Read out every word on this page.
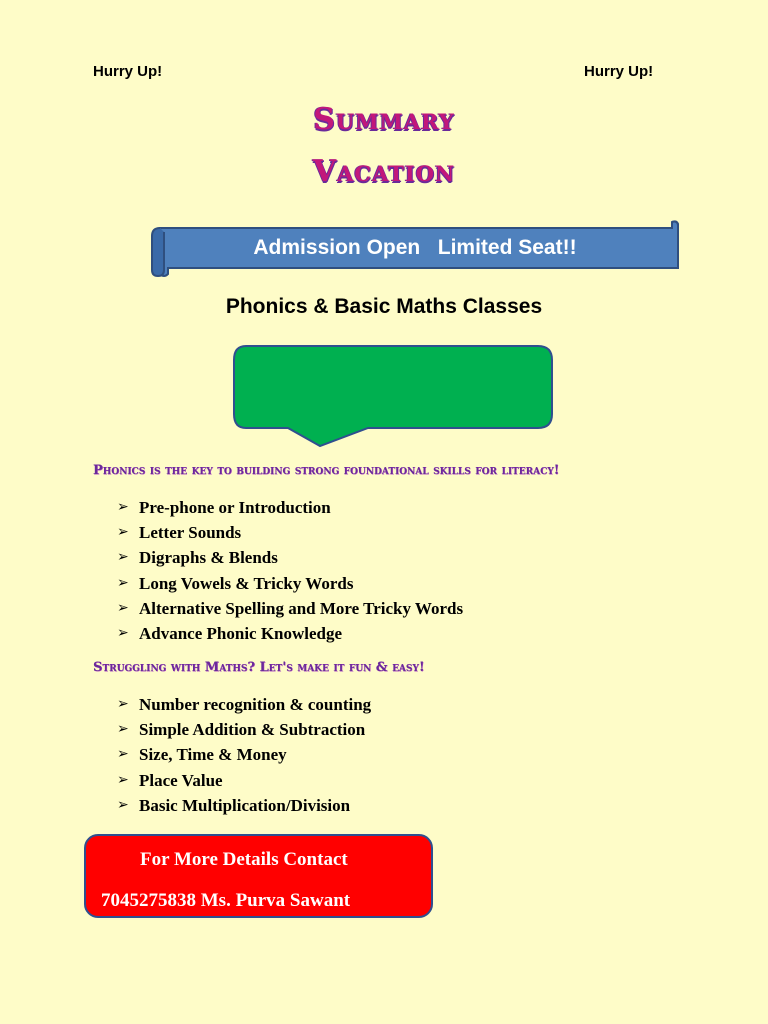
Hurry Up!	Hurry Up!
Summary
Vacation
Admission Open   Limited Seat!!
Phonics & Basic Maths Classes
Phonics is the key to building strong foundational skills for literacy!
➢ Pre-phone or Introduction
➢ Letter Sounds
➢ Digraphs & Blends
➢ Long Vowels & Tricky Words
➢ Alternative Spelling and More Tricky Words
➢ Advance Phonic Knowledge
Struggling with Maths? Let's make it fun & easy!
➢ Number recognition & counting
➢ Simple Addition & Subtraction
➢ Size, Time & Money
➢ Place Value
➢ Basic Multiplication/Division
For More Details Contact
7045275838 Ms. Purva Sawant
